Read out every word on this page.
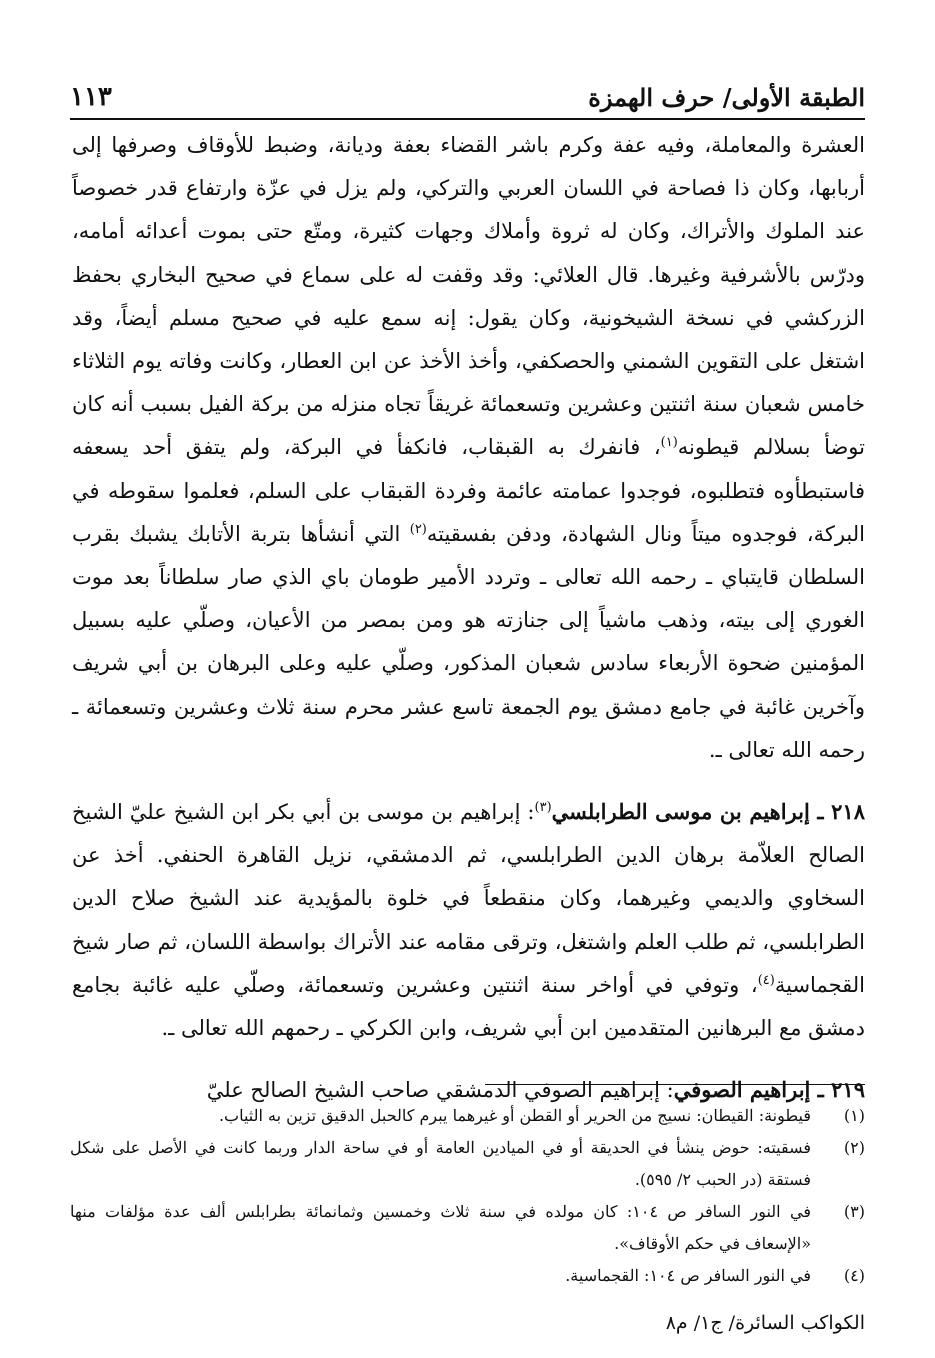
الطبقة الأولى/ حرف الهمزة
١١٣

العشرة والمعاملة، وفيه عفة وكرم باشر القضاء بعفة وديانة، وضبط للأوقاف وصرفها إلى أربابها، وكان ذا فصاحة في اللسان العربي والتركي، ولم يزل في عزّة وارتفاع قدر خصوصاً عند الملوك والأتراك، وكان له ثروة وأملاك وجهات كثيرة، ومتّع حتى بموت أعدائه أمامه، ودرّس بالأشرفية وغيرها. قال العلائي: وقد وقفت له على سماع في صحيح البخاري بحفظ الزركشي في نسخة الشيخونية، وكان يقول: إنه سمع عليه في صحيح مسلم أيضاً، وقد اشتغل على التقوين الشمني والحصكفي، وأخذ الأخذ عن ابن العطار، وكانت وفاته يوم الثلاثاء خامس شعبان سنة اثنتين وعشرين وتسعمائة غريقاً تجاه منزله من بركة الفيل بسبب أنه كان توضأ بسلالم قيطونه$^{(١)}$، فانفرك به القبقاب، فانكفأ في البركة، ولم يتفق أحد يسعفه فاستبطأوه فتطلبوه، فوجدوا عمامته عائمة وفردة القبقاب على السلم، فعلموا سقوطه في البركة، فوجدوه ميتاً ونال الشهادة، ودفن بفسقيته$^{(٢)}$ التي أنشأها بتربة الأتابك يشبك بقرب السلطان قايتباي ـ رحمه الله تعالى ـ وتردد الأمير طومان باي الذي صار سلطاناً بعد موت الغوري إلى بيته، وذهب ماشياً إلى جنازته هو ومن بمصر من الأعيان، وصلّي عليه بسبيل المؤمنين ضحوة الأربعاء سادس شعبان المذكور، وصلّي عليه وعلى البرهان بن أبي شريف وآخرين غائبة في جامع دمشق يوم الجمعة تاسع عشر محرم سنة ثلاث وعشرين وتسعمائة ـ رحمه الله تعالى ـ.

٢١٨ ـ إبراهيم بن موسى الطرابلسي$^{(٣)}$: إبراهيم بن موسى بن أبي بكر ابن الشيخ عليّ الشيخ الصالح العلاّمة برهان الدين الطرابلسي، ثم الدمشقي، نزيل القاهرة الحنفي. أخذ عن السخاوي والديمي وغيرهما، وكان منقطعاً في خلوة بالمؤيدية عند الشيخ صلاح الدين الطرابلسي، ثم طلب العلم واشتغل، وترقى مقامه عند الأتراك بواسطة اللسان، ثم صار شيخ القجماسية$^{(٤)}$، وتوفي في أواخر سنة اثنتين وعشرين وتسعمائة، وصلّي عليه غائبة بجامع دمشق مع البرهانين المتقدمين ابن أبي شريف، وابن الكركي ـ رحمهم الله تعالى ـ.

٢١٩ ـ إبراهيم الصوفي: إبراهيم الصوفي الدمشقي صاحب الشيخ الصالح عليّ

(١)
قيطونة: القيطان: نسيج من الحرير أو القطن أو غيرهما يبرم كالحبل الدقيق تزين به الثياب.

(٢)
فسقيته: حوض ينشأ في الحديقة أو في الميادين العامة أو في ساحة الدار وربما كانت في الأصل على شكل فستقة (در الحبب ٢/ ٥٩٥).

(٣)
في النور السافر ص ١٠٤: كان مولده في سنة ثلاث وخمسين وثمانمائة بطرابلس ألف عدة مؤلفات منها «الإسعاف في حكم الأوقاف».

(٤)
في النور السافر ص ١٠٤: القجماسية.

الكواكب السائرة/ ج١/ م٨
